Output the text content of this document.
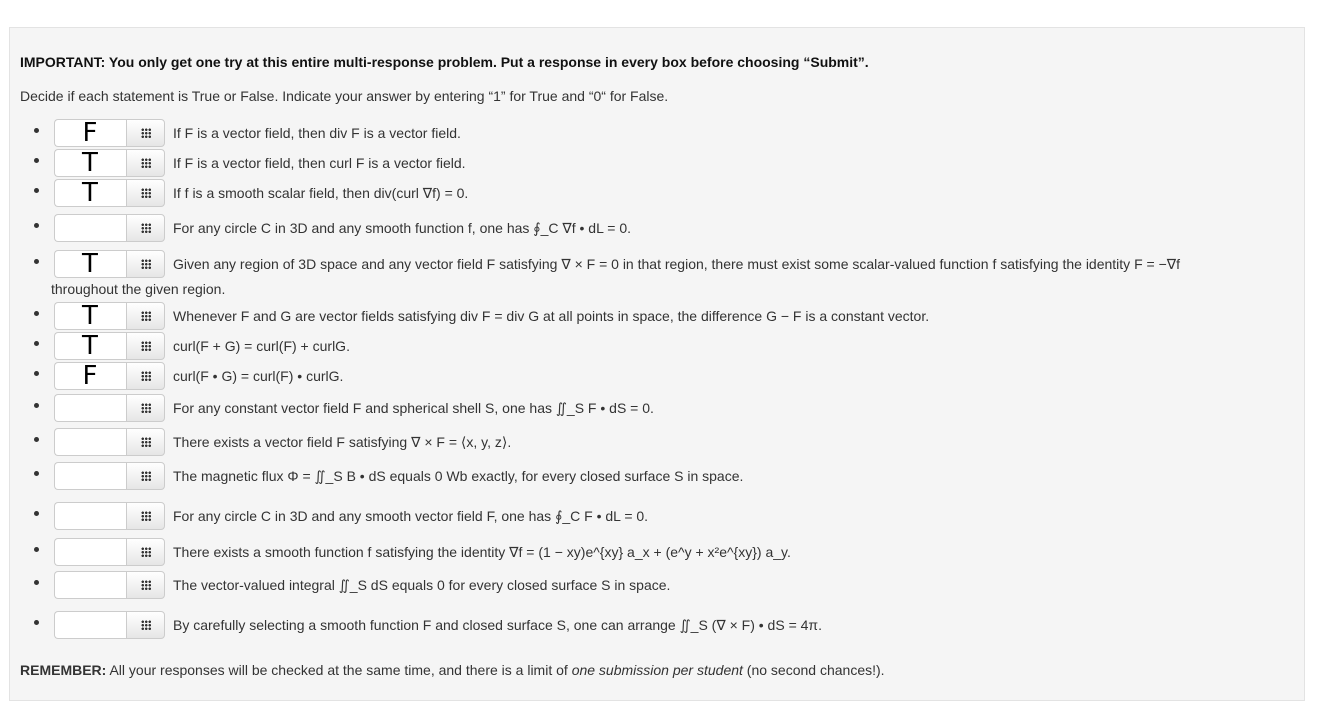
IMPORTANT: You only get one try at this entire multi-response problem. Put a response in every box before choosing “Submit”.
Decide if each statement is True or False. Indicate your answer by entering “1” for True and “0“ for False.
F	If F is a vector field, then div F is a vector field.
T	If F is a vector field, then curl F is a vector field.
T	If f is a smooth scalar field, then div(curl ∇f) = 0.
For any circle C in 3D and any smooth function f, one has ∮_C ∇f • dL = 0.
T	Given any region of 3D space and any vector field F satisfying ∇ × F = 0 in that region, there must exist some scalar-valued function f satisfying the identity F = −∇f
T	Whenever F and G are vector fields satisfying div F = div G at all points in space, the difference G − F is a constant vector.
T	curl(F + G) = curl(F) + curlG.
F	curl(F • G) = curl(F) • curlG.
For any constant vector field F and spherical shell S, one has ∬_S F • dS = 0.
There exists a vector field F satisfying ∇ × F = ⟨x, y, z⟩.
The magnetic flux Φ = ∬_S B • dS equals 0 Wb exactly, for every closed surface S in space.
For any circle C in 3D and any smooth vector field F, one has ∮_C F • dL = 0.
There exists a smooth function f satisfying the identity ∇f = (1 − xy)e^{xy} a_x + (e^y + x²e^{xy}) a_y.
The vector-valued integral ∬_S dS equals 0 for every closed surface S in space.
By carefully selecting a smooth function F and closed surface S, one can arrange ∬_S (∇ × F) • dS = 4π.
throughout the given region.
REMEMBER: All your responses will be checked at the same time, and there is a limit of one submission per student (no second chances!).
